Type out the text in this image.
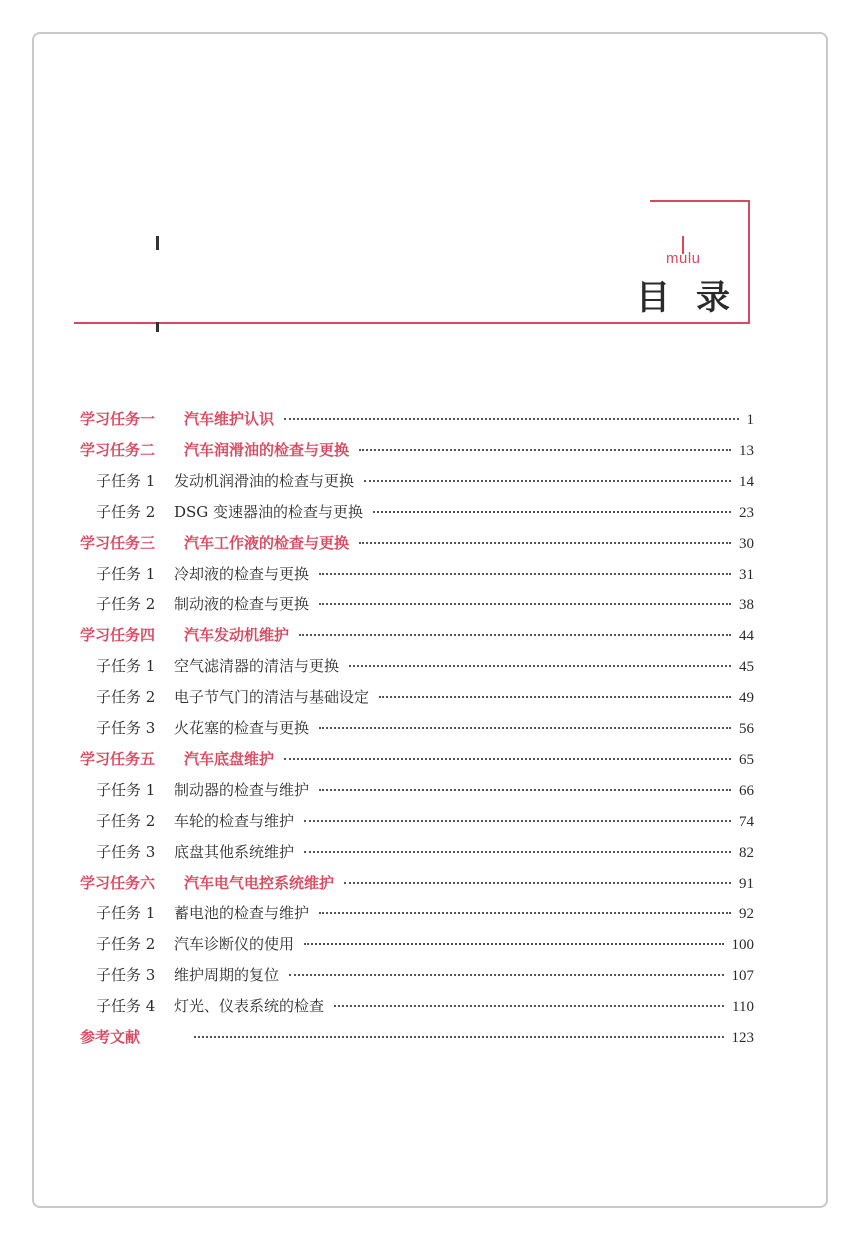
mulu
目录
学习任务一	汽车维护认识	1
学习任务二	汽车润滑油的检查与更换	13
子任务 1	发动机润滑油的检查与更换	14
子任务 2	DSG 变速器油的检查与更换	23
学习任务三	汽车工作液的检查与更换	30
子任务 1	冷却液的检查与更换	31
子任务 2	制动液的检查与更换	38
学习任务四	汽车发动机维护	44
子任务 1	空气滤清器的清洁与更换	45
子任务 2	电子节气门的清洁与基础设定	49
子任务 3	火花塞的检查与更换	56
学习任务五	汽车底盘维护	65
子任务 1	制动器的检查与维护	66
子任务 2	车轮的检查与维护	74
子任务 3	底盘其他系统维护	82
学习任务六	汽车电气电控系统维护	91
子任务 1	蓄电池的检查与维护	92
子任务 2	汽车诊断仪的使用	100
子任务 3	维护周期的复位	107
子任务 4	灯光、仪表系统的检查	110
参考文献	123
